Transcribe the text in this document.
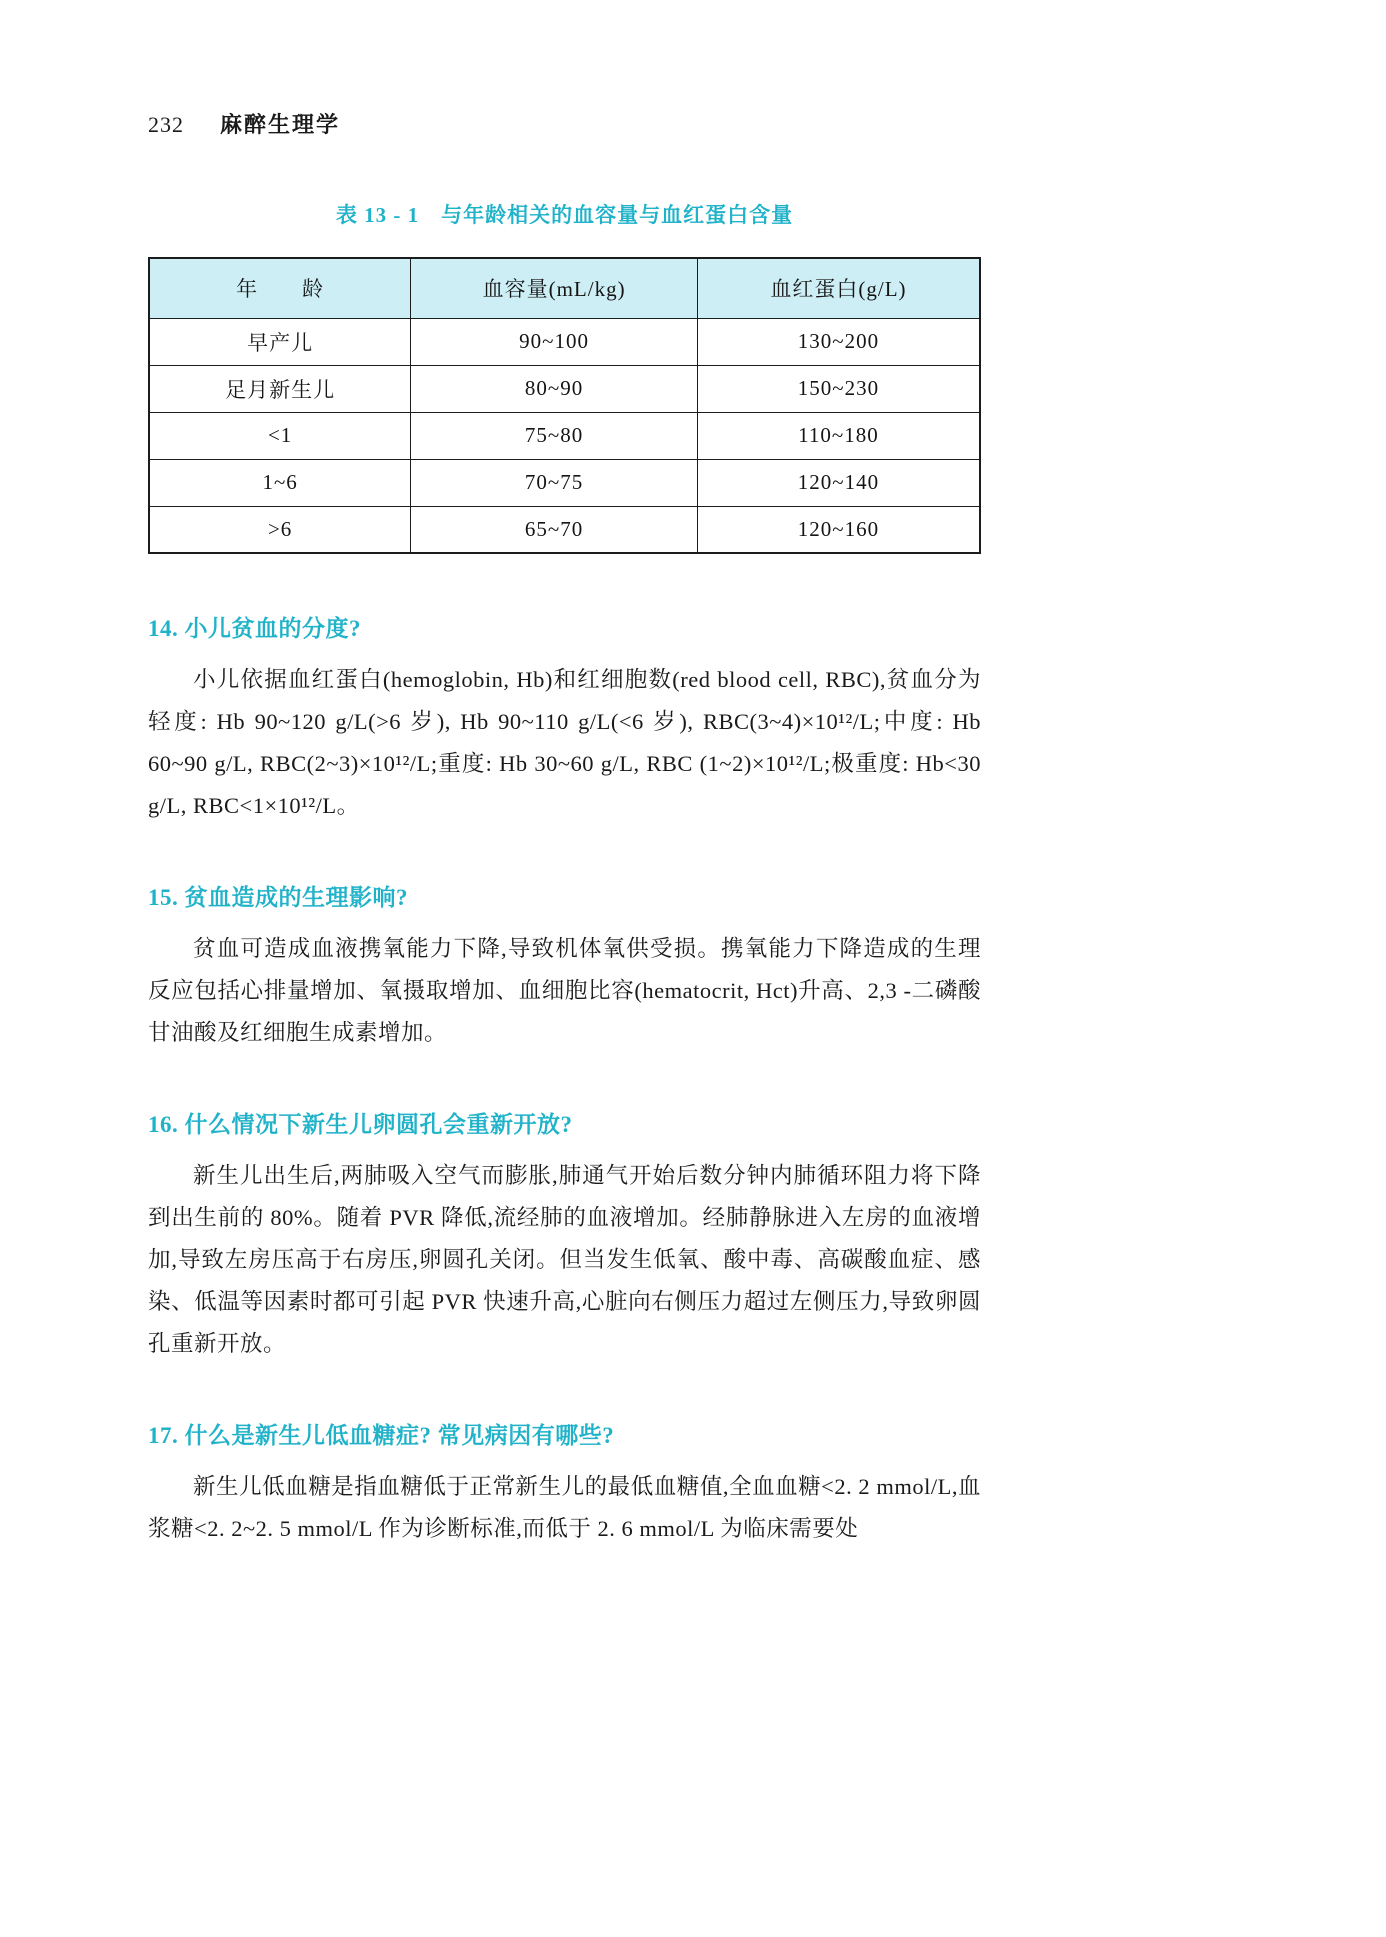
232 麻醉生理学
表 13 - 1　与年龄相关的血容量与血红蛋白含量
年　　龄	血容量(mL/kg)	血红蛋白(g/L)
早产儿	90~100	130~200
足月新生儿	80~90	150~230
<1	75~80	110~180
1~6	70~75	120~140
>6	65~70	120~160
14. 小儿贫血的分度?

小儿依据血红蛋白(hemoglobin, Hb)和红细胞数(red blood cell, RBC),贫血分为轻度: Hb 90~120 g/L(>6 岁), Hb 90~110 g/L(<6 岁), RBC(3~4)×10¹²/L;中度: Hb 60~90 g/L, RBC(2~3)×10¹²/L;重度: Hb 30~60 g/L, RBC (1~2)×10¹²/L;极重度: Hb<30 g/L, RBC<1×10¹²/L。

15. 贫血造成的生理影响?

贫血可造成血液携氧能力下降,导致机体氧供受损。携氧能力下降造成的生理反应包括心排量增加、氧摄取增加、血细胞比容(hematocrit, Hct)升高、2,3 -二磷酸甘油酸及红细胞生成素增加。

16. 什么情况下新生儿卵圆孔会重新开放?

新生儿出生后,两肺吸入空气而膨胀,肺通气开始后数分钟内肺循环阻力将下降到出生前的 80%。随着 PVR 降低,流经肺的血液增加。经肺静脉进入左房的血液增加,导致左房压高于右房压,卵圆孔关闭。但当发生低氧、酸中毒、高碳酸血症、感染、低温等因素时都可引起 PVR 快速升高,心脏向右侧压力超过左侧压力,导致卵圆孔重新开放。

17. 什么是新生儿低血糖症? 常见病因有哪些?

新生儿低血糖是指血糖低于正常新生儿的最低血糖值,全血血糖<2. 2 mmol/L,血浆糖<2. 2~2. 5 mmol/L 作为诊断标准,而低于 2. 6 mmol/L 为临床需要处
